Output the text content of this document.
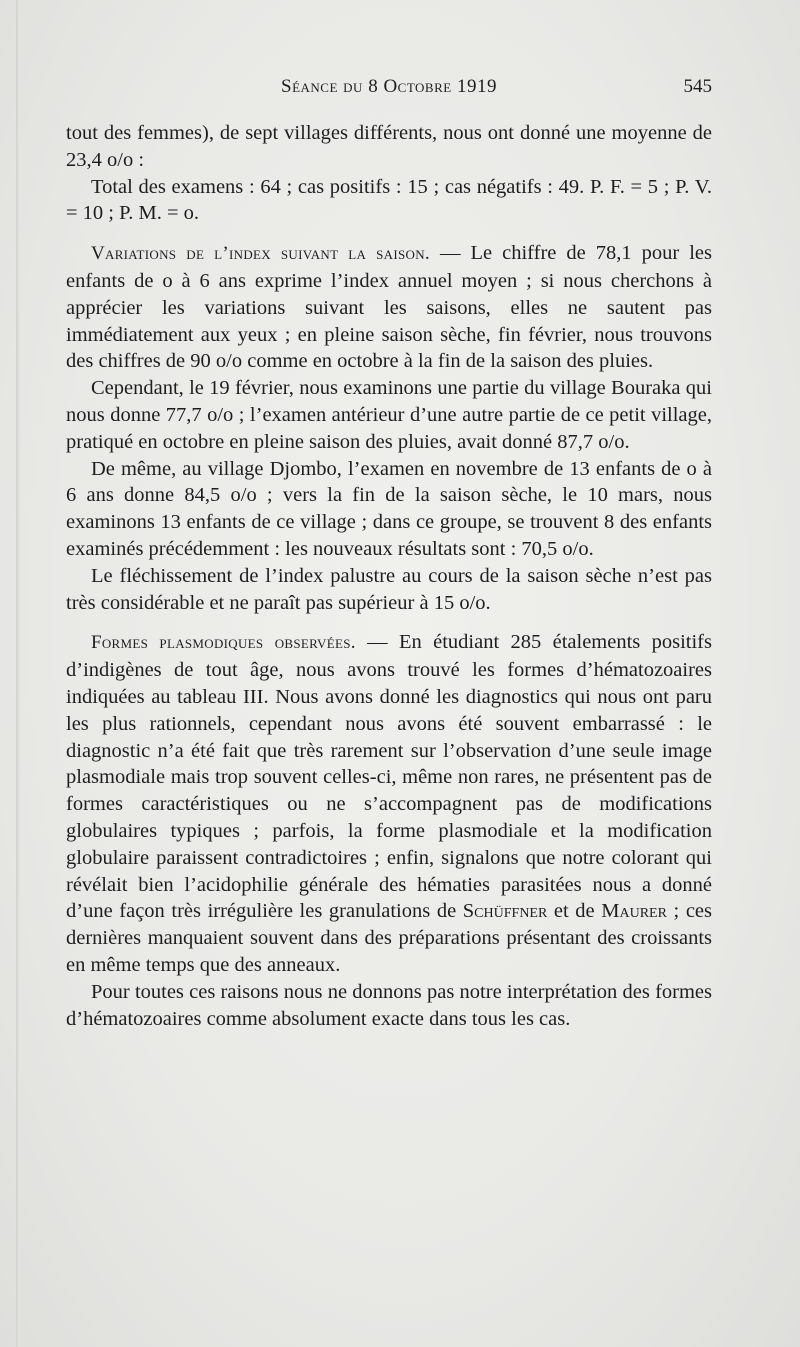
Séance du 8 Octobre 1919	545

tout des femmes), de sept villages différents, nous ont donné une moyenne de 23,4 o/o :

Total des examens : 64 ; cas positifs : 15 ; cas négatifs : 49. P. F. = 5 ; P. V. = 10 ; P. M. = o.

Variations de l’index suivant la saison. — Le chiffre de 78,1 pour les enfants de o à 6 ans exprime l’index annuel moyen ; si nous cherchons à apprécier les variations suivant les saisons, elles ne sautent pas immédiatement aux yeux ; en pleine saison sèche, fin février, nous trouvons des chiffres de 90 o/o comme en octobre à la fin de la saison des pluies.

Cependant, le 19 février, nous examinons une partie du village Bouraka qui nous donne 77,7 o/o ; l’examen antérieur d’une autre partie de ce petit village, pratiqué en octobre en pleine saison des pluies, avait donné 87,7 o/o.

De même, au village Djombo, l’examen en novembre de 13 enfants de o à 6 ans donne 84,5 o/o ; vers la fin de la saison sèche, le 10 mars, nous examinons 13 enfants de ce village ; dans ce groupe, se trouvent 8 des enfants examinés précédemment : les nouveaux résultats sont : 70,5 o/o.

Le fléchissement de l’index palustre au cours de la saison sèche n’est pas très considérable et ne paraît pas supérieur à 15 o/o.

Formes plasmodiques observées. — En étudiant 285 étalements positifs d’indigènes de tout âge, nous avons trouvé les formes d’hématozoaires indiquées au tableau III. Nous avons donné les diagnostics qui nous ont paru les plus rationnels, cependant nous avons été souvent embarrassé : le diagnostic n’a été fait que très rarement sur l’observation d’une seule image plasmodiale mais trop souvent celles-ci, même non rares, ne présentent pas de formes caractéristiques ou ne s’accompagnent pas de modifications globulaires typiques ; parfois, la forme plasmodiale et la modification globulaire paraissent contradictoires ; enfin, signalons que notre colorant qui révélait bien l’acidophilie générale des hématies parasitées nous a donné d’une façon très irrégulière les granulations de Schüffner et de Maurer ; ces dernières manquaient souvent dans des préparations présentant des croissants en même temps que des anneaux.

Pour toutes ces raisons nous ne donnons pas notre interprétation des formes d’hématozoaires comme absolument exacte dans tous les cas.
